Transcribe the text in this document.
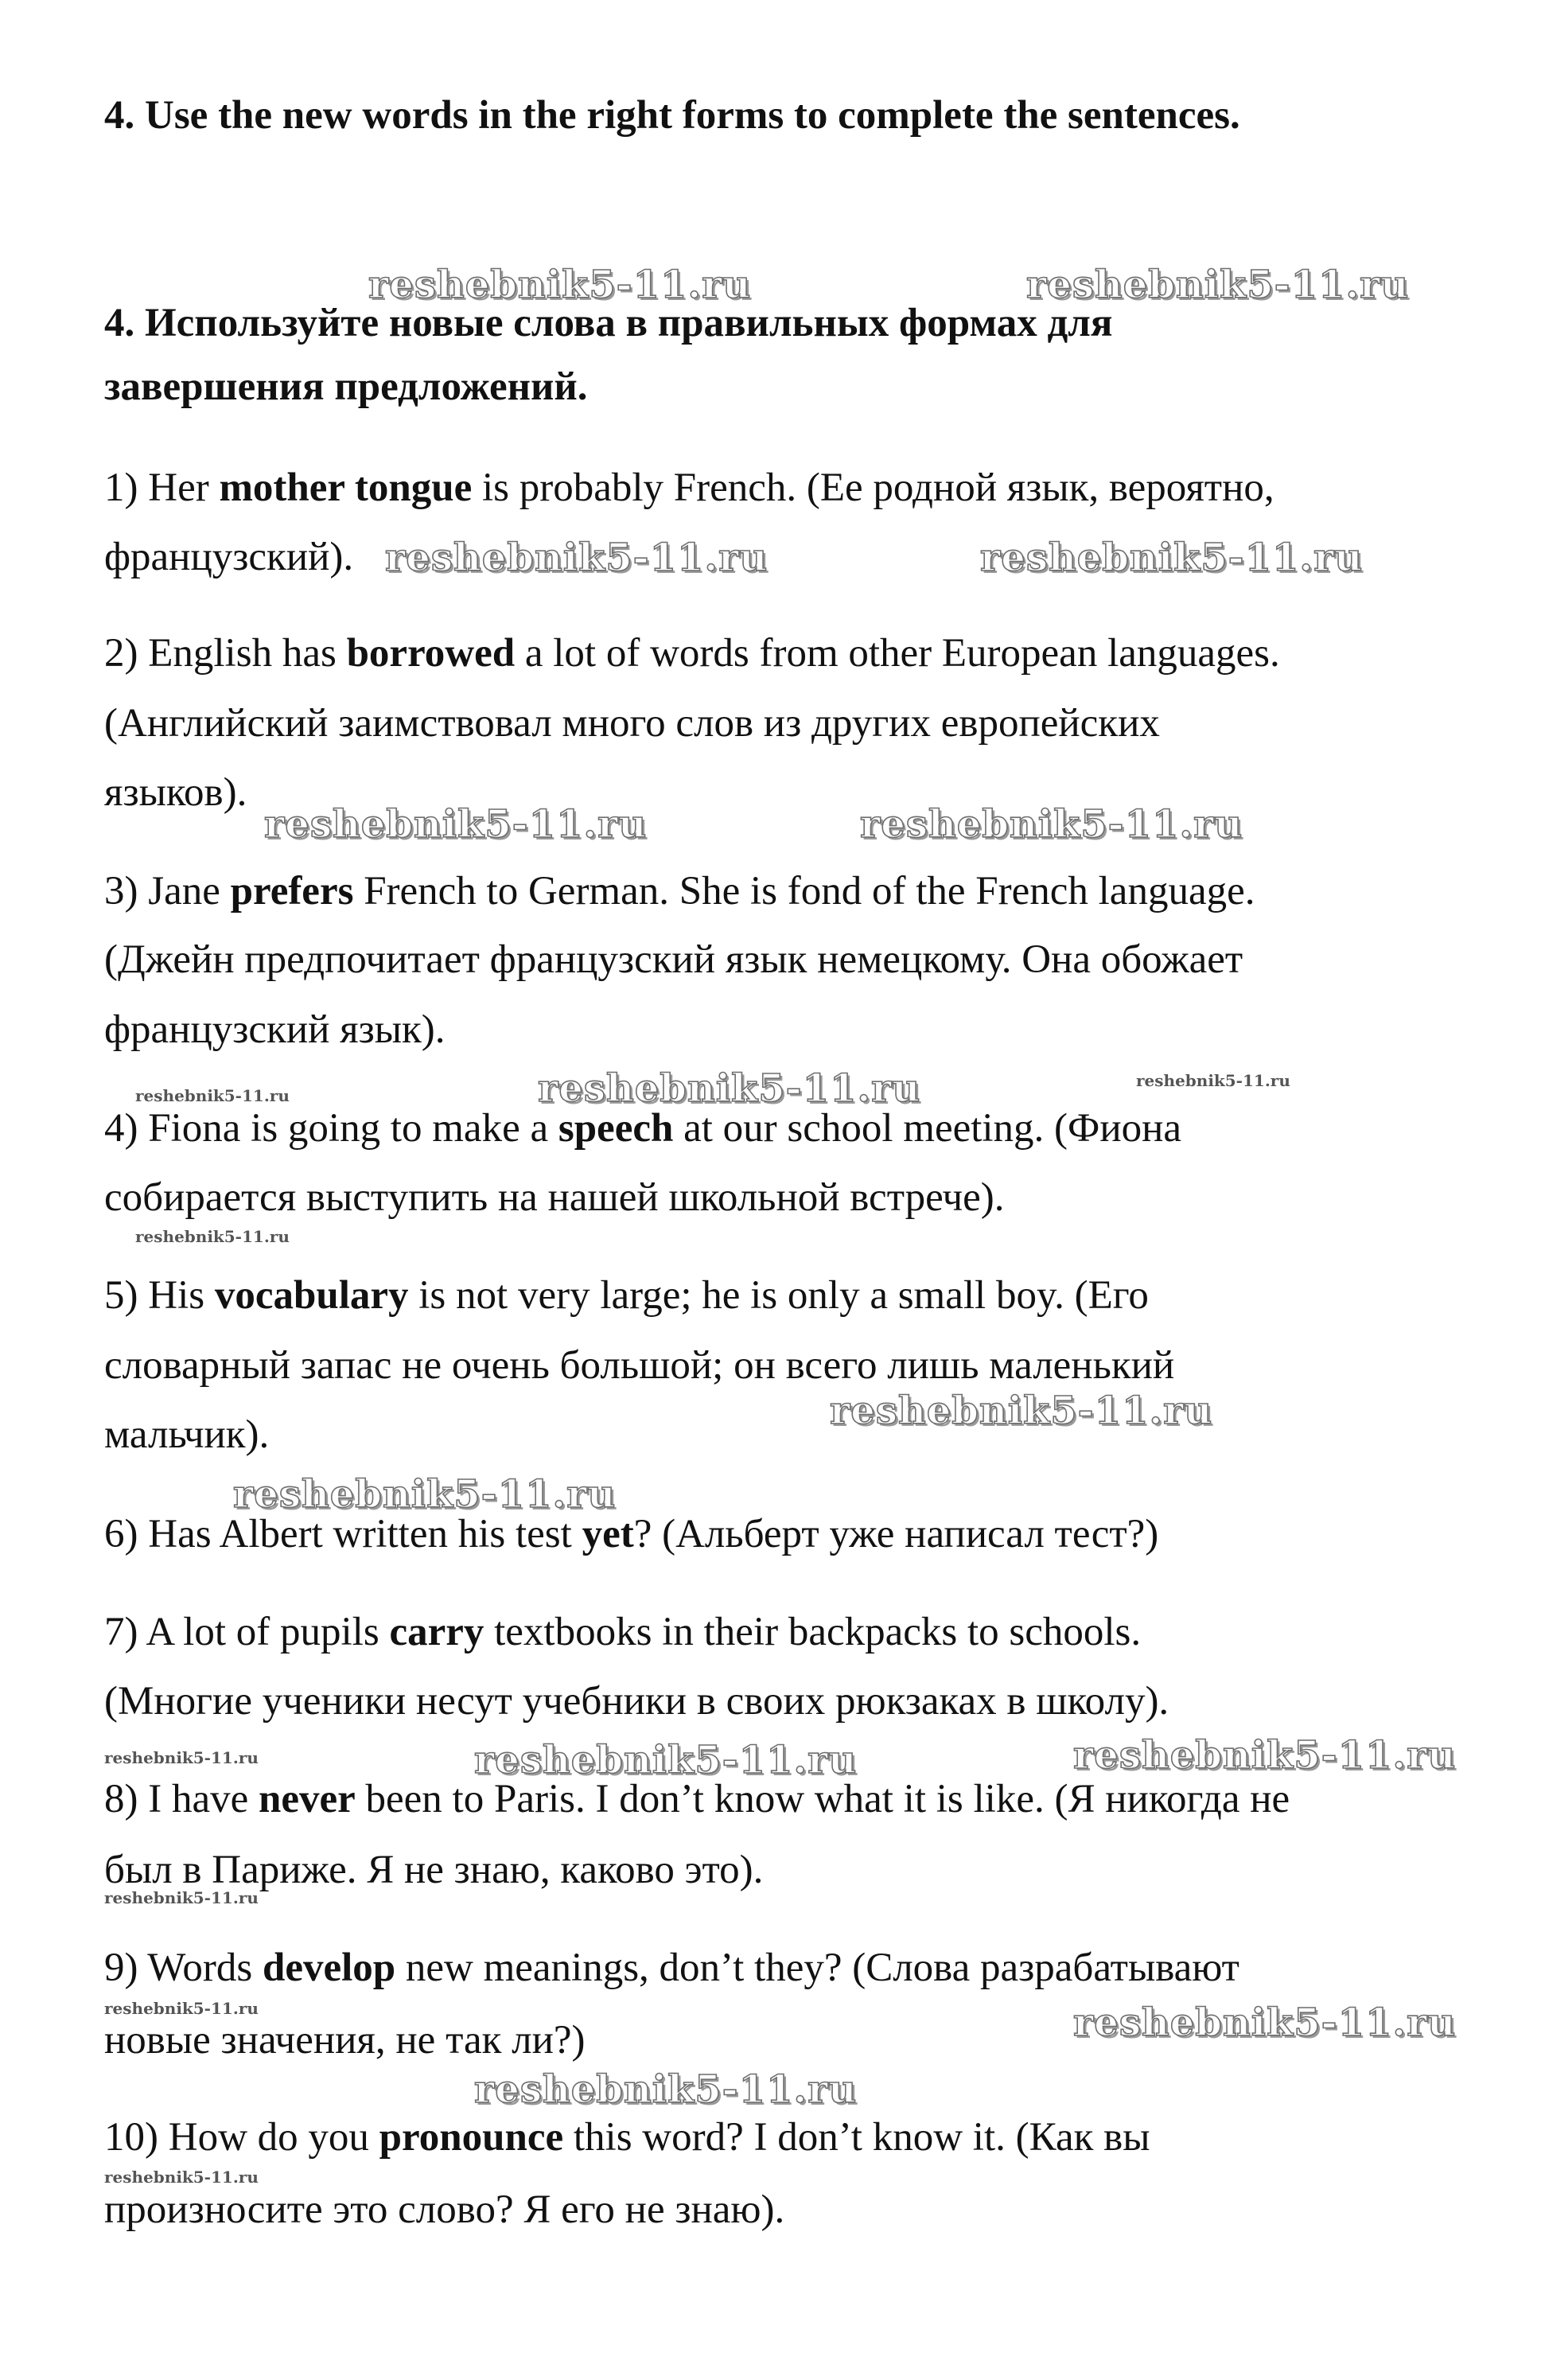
4. Use the new words in the right forms to complete the sentences.
4. Используйте новые слова в правильных формах для
завершения предложений.
1) Her mother tongue is probably French. (Ее родной язык, вероятно,
французский).
2) English has borrowed a lot of words from other European languages.
(Английский заимствовал много слов из других европейских
языков).
3) Jane prefers French to German. She is fond of the French language.
(Джейн предпочитает французский язык немецкому. Она обожает
французский язык).
4) Fiona is going to make a speech at our school meeting. (Фиона
собирается выступить на нашей школьной встрече).
5) His vocabulary is not very large; he is only a small boy. (Его
словарный запас не очень большой; он всего лишь маленький
мальчик).
6) Has Albert written his test yet? (Альберт уже написал тест?)
7) A lot of pupils carry textbooks in their backpacks to schools.
(Многие ученики несут учебники в своих рюкзаках в школу).
8) I have never been to Paris. I don’t know what it is like. (Я никогда не
был в Париже. Я не знаю, каково это).
9) Words develop new meanings, don’t they? (Слова разрабатывают
новые значения, не так ли?)
10) How do you pronounce this word? I don’t know it. (Как вы
произносите это слово? Я его не знаю).
reshebnik5-11.ru	reshebnik5-11.ru
reshebnik5-11.ru	reshebnik5-11.ru
reshebnik5-11.ru	reshebnik5-11.ru
reshebnik5-11.ru
reshebnik5-11.ru
reshebnik5-11.ru
reshebnik5-11.ru	reshebnik5-11.ru
reshebnik5-11.ru
reshebnik5-11.ru
reshebnik5-11.ru
reshebnik5-11.ru
reshebnik5-11.ru
reshebnik5-11.ru
reshebnik5-11.ru
reshebnik5-11.ru
reshebnik5-11.ru
